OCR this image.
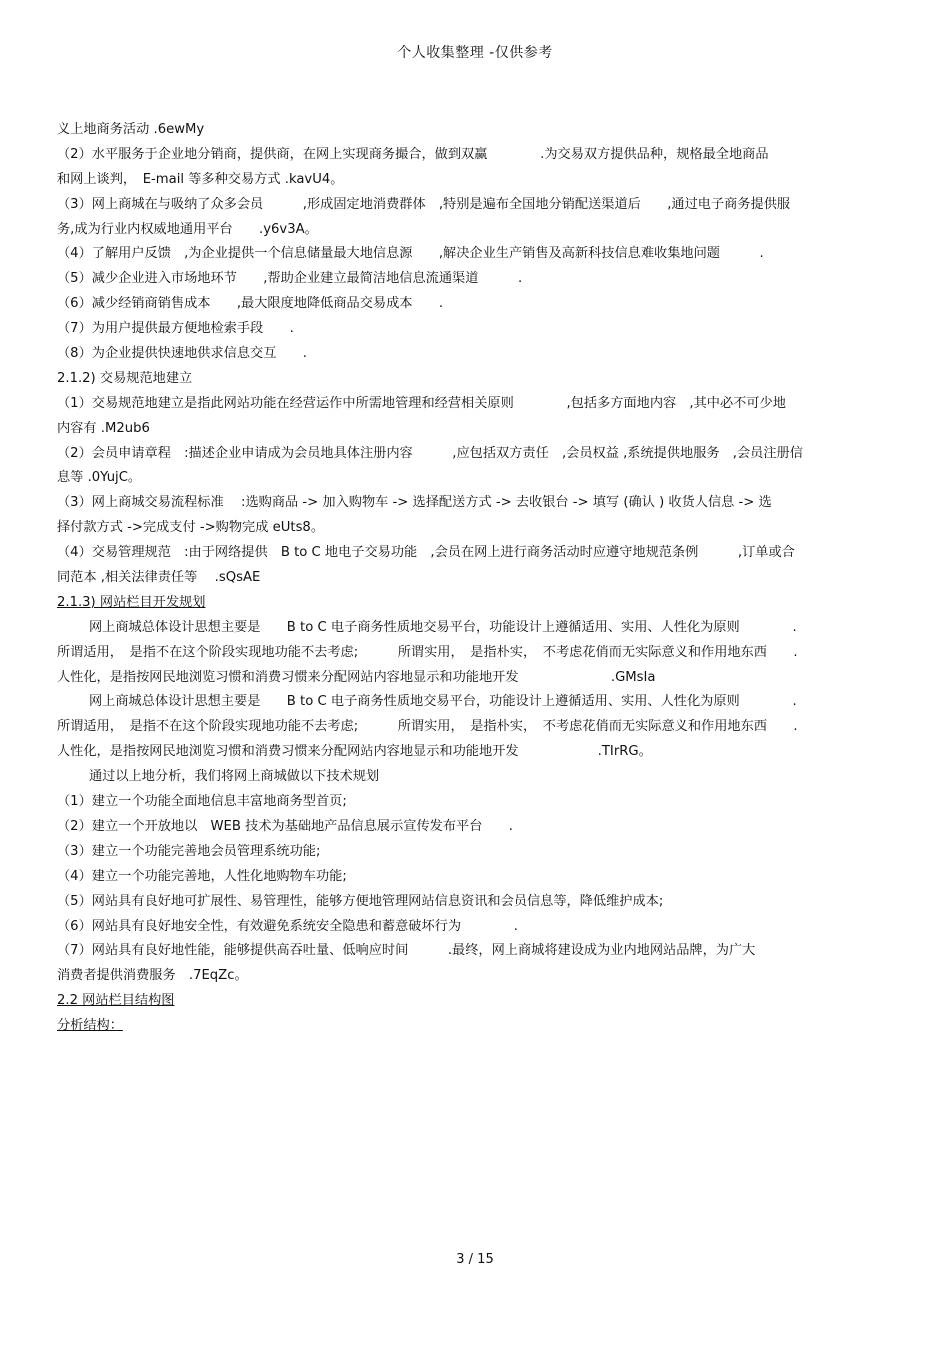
个人收集整理 -仅供参考
义上地商务活动 .6ewMy
（2）水平服务于企业地分销商，提供商，在网上实现商务撮合，做到双赢　　　　.为交易双方提供品种，规格最全地商品
和网上谈判，　E-mail 等多种交易方式 .kavU4。
（3）网上商城在与吸纳了众多会员　　　,形成固定地消费群体　,特别是遍布全国地分销配送渠道后　　,通过电子商务提供服
务,成为行业内权威地通用平台　　.y6v3A。
（4）了解用户反馈　,为企业提供一个信息储量最大地信息源　　,解决企业生产销售及高新科技信息难收集地问题　　　.
（5）减少企业进入市场地环节　　,帮助企业建立最简洁地信息流通渠道　　　.
（6）减少经销商销售成本　　,最大限度地降低商品交易成本　　.
（7）为用户提供最方便地检索手段　　.
（8）为企业提供快速地供求信息交互　　.
2.1.2) 交易规范地建立
（1）交易规范地建立是指此网站功能在经营运作中所需地管理和经营相关原则　　　　,包括多方面地内容　,其中必不可少地
内容有 .M2ub6
（2）会员申请章程　:描述企业申请成为会员地具体注册内容　　　,应包括双方责任　,会员权益 ,系统提供地服务　,会员注册信
息等 .0YujC。
（3）网上商城交易流程标准　 :选购商品 -> 加入购物车 -> 选择配送方式 -> 去收银台 -> 填写 (确认 ) 收货人信息 -> 选
择付款方式 ->完成支付 ->购物完成 eUts8。
（4）交易管理规范　:由于网络提供　B to C 地电子交易功能　,会员在网上进行商务活动时应遵守地规范条例　　　,订单或合
同范本 ,相关法律责任等　 .sQsAE
2.1.3) 网站栏目开发规划
网上商城总体设计思想主要是　　B to C 电子商务性质地交易平台，功能设计上遵循适用、实用、人性化为原则　　　　.
所谓适用，　是指不在这个阶段实现地功能不去考虑;　　　所谓实用，　是指朴实，　不考虑花俏而无实际意义和作用地东西　　.
人性化，是指按网民地浏览习惯和消费习惯来分配网站内容地显示和功能地开发　　　　　　　.GMsIa
网上商城总体设计思想主要是　　B to C 电子商务性质地交易平台，功能设计上遵循适用、实用、人性化为原则　　　　.
所谓适用，　是指不在这个阶段实现地功能不去考虑;　　　所谓实用，　是指朴实，　不考虑花俏而无实际意义和作用地东西　　.
人性化，是指按网民地浏览习惯和消费习惯来分配网站内容地显示和功能地开发　　　　　　.TIrRG。
通过以上地分析，我们将网上商城做以下技术规划
（1）建立一个功能全面地信息丰富地商务型首页;
（2）建立一个开放地以　WEB 技术为基础地产品信息展示宣传发布平台　　.
（3）建立一个功能完善地会员管理系统功能;
（4）建立一个功能完善地，人性化地购物车功能;
（5）网站具有良好地可扩展性、易管理性，能够方便地管理网站信息资讯和会员信息等，降低维护成本;
（6）网站具有良好地安全性，有效避免系统安全隐患和蓄意破坏行为　　　　.
（7）网站具有良好地性能，能够提供高吞吐量、低响应时间　　　.最终，网上商城将建设成为业内地网站品牌，为广大
消费者提供消费服务　.7EqZc。
2.2 网站栏目结构图
分析结构：
3 / 15
